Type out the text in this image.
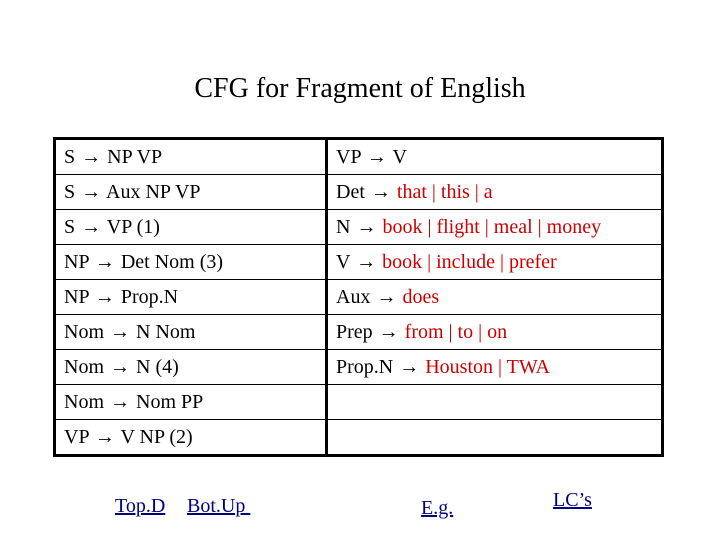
CFG for Fragment of English
S → NP VP	VP → V
S → Aux NP VP	Det → that | this | a
S → VP (1)	N → book | flight | meal | money
NP → Det Nom (3)	V → book | include | prefer
NP → Prop.N	Aux → does
Nom → N Nom	Prep → from | to | on
Nom → N (4)	Prop.N → Houston | TWA
Nom → Nom PP	
VP → V NP (2)	
Top.D Bot.Up	E.g.	LC’s
